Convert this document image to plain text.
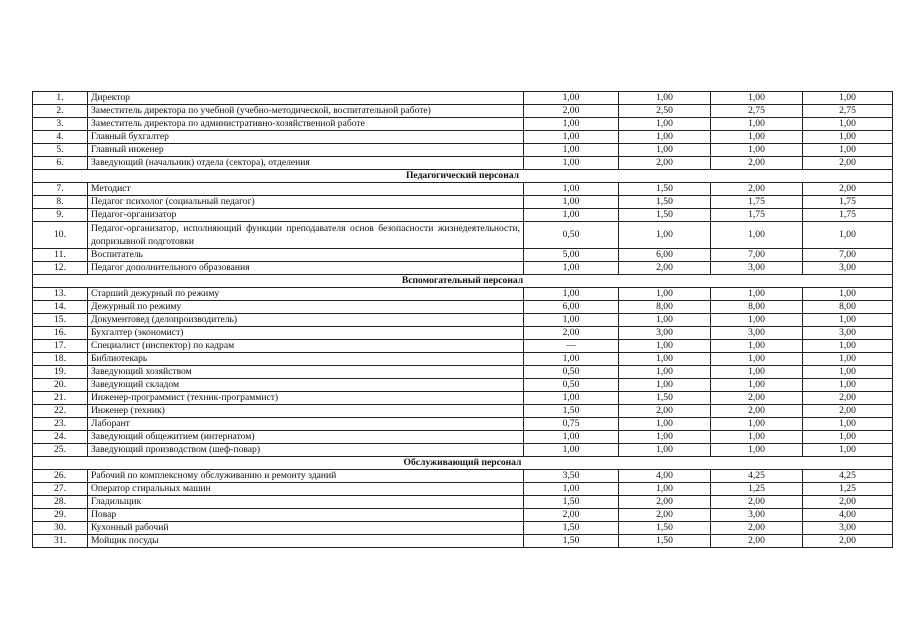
1.	Директор	1,00	1,00	1,00	1,00
2.	Заместитель директора по учебной (учебно-методической, воспитательной работе)	2,00	2,50	2,75	2,75
3.	Заместитель директора по административно-хозяйственной работе	1,00	1,00	1,00	1,00
4.	Главный бухгалтер	1,00	1,00	1,00	1,00
5.	Главный инженер	1,00	1,00	1,00	1,00
6.	Заведующий (начальник) отдела (сектора), отделения	1,00	2,00	2,00	2,00
Педагогический персонал					
7.	Методист	1,00	1,50	2,00	2,00
8.	Педагог психолог (социальный педагог)	1,00	1,50	1,75	1,75
9.	Педагог-организатор	1,00	1,50	1,75	1,75
10.	Педагог-организатор, исполняющий функции преподавателя основ безопасности жизнедеятельности, допризывной подготовки	0,50	1,00	1,00	1,00
11.	Воспитатель	5,00	6,00	7,00	7,00
12.	Педагог дополнительного образования	1,00	2,00	3,00	3,00
Вспомогательный персонал					
13.	Старший дежурный по режиму	1,00	1,00	1,00	1,00
14.	Дежурный по режиму	6,00	8,00	8,00	8,00
15.	Документовед (делопроизводитель)	1,00	1,00	1,00	1,00
16.	Бухгалтер (экономист)	2,00	3,00	3,00	3,00
17.	Специалист (инспектор) по кадрам	—	1,00	1,00	1,00
18.	Библиотекарь	1,00	1,00	1,00	1,00
19.	Заведующий хозяйством	0,50	1,00	1,00	1,00
20.	Заведующий складом	0,50	1,00	1,00	1,00
21.	Инженер-программист (техник-программист)	1,00	1,50	2,00	2,00
22.	Инженер (техник)	1,50	2,00	2,00	2,00
23.	Лаборант	0,75	1,00	1,00	1,00
24.	Заведующий общежитием (интернатом)	1,00	1,00	1,00	1,00
25.	Заведующий производством (шеф-повар)	1,00	1,00	1,00	1,00
Обслуживающий персонал					
26.	Рабочий по комплексному обслуживанию и ремонту зданий	3,50	4,00	4,25	4,25
27.	Оператор стиральных машин	1,00	1,00	1,25	1,25
28.	Гладильщик	1,50	2,00	2,00	2,00
29.	Повар	2,00	2,00	3,00	4,00
30.	Кухонный рабочий	1,50	1,50	2,00	3,00
31.	Мойщик посуды	1,50	1,50	2,00	2,00
